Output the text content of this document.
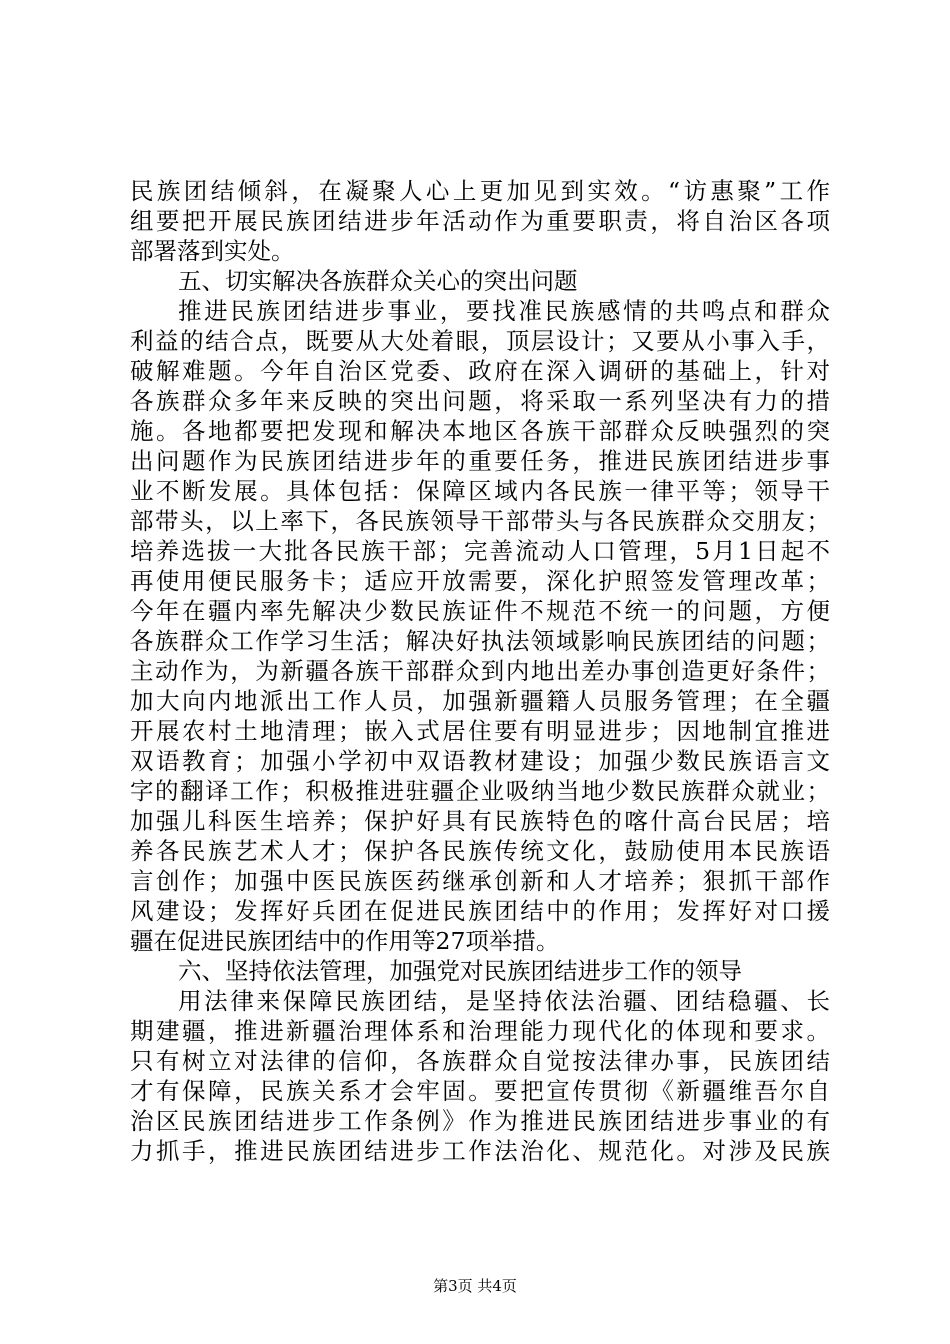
民族团结倾斜，在凝聚人心上更加见到实效。“访惠聚”工作
组要把开展民族团结进步年活动作为重要职责，将自治区各项
部署落到实处。
五、切实解决各族群众关心的突出问题
推进民族团结进步事业，要找准民族感情的共鸣点和群众
利益的结合点，既要从大处着眼，顶层设计；又要从小事入手，
破解难题。今年自治区党委、政府在深入调研的基础上，针对
各族群众多年来反映的突出问题，将采取一系列坚决有力的措
施。各地都要把发现和解决本地区各族干部群众反映强烈的突
出问题作为民族团结进步年的重要任务，推进民族团结进步事
业不断发展。具体包括：保障区域内各民族一律平等；领导干
部带头，以上率下，各民族领导干部带头与各民族群众交朋友；
培养选拔一大批各民族干部；完善流动人口管理，5月1日起不
再使用便民服务卡；适应开放需要，深化护照签发管理改革；
今年在疆内率先解决少数民族证件不规范不统一的问题，方便
各族群众工作学习生活；解决好执法领域影响民族团结的问题；
主动作为，为新疆各族干部群众到内地出差办事创造更好条件；
加大向内地派出工作人员，加强新疆籍人员服务管理；在全疆
开展农村土地清理；嵌入式居住要有明显进步；因地制宜推进
双语教育；加强小学初中双语教材建设；加强少数民族语言文
字的翻译工作；积极推进驻疆企业吸纳当地少数民族群众就业；
加强儿科医生培养；保护好具有民族特色的喀什高台民居；培
养各民族艺术人才；保护各民族传统文化，鼓励使用本民族语
言创作；加强中医民族医药继承创新和人才培养；狠抓干部作
风建设；发挥好兵团在促进民族团结中的作用；发挥好对口援
疆在促进民族团结中的作用等27项举措。
六、坚持依法管理，加强党对民族团结进步工作的领导
用法律来保障民族团结，是坚持依法治疆、团结稳疆、长
期建疆，推进新疆治理体系和治理能力现代化的体现和要求。
只有树立对法律的信仰，各族群众自觉按法律办事，民族团结
才有保障，民族关系才会牢固。要把宣传贯彻《新疆维吾尔自
治区民族团结进步工作条例》作为推进民族团结进步事业的有
力抓手，推进民族团结进步工作法治化、规范化。对涉及民族
第3页 共4页
